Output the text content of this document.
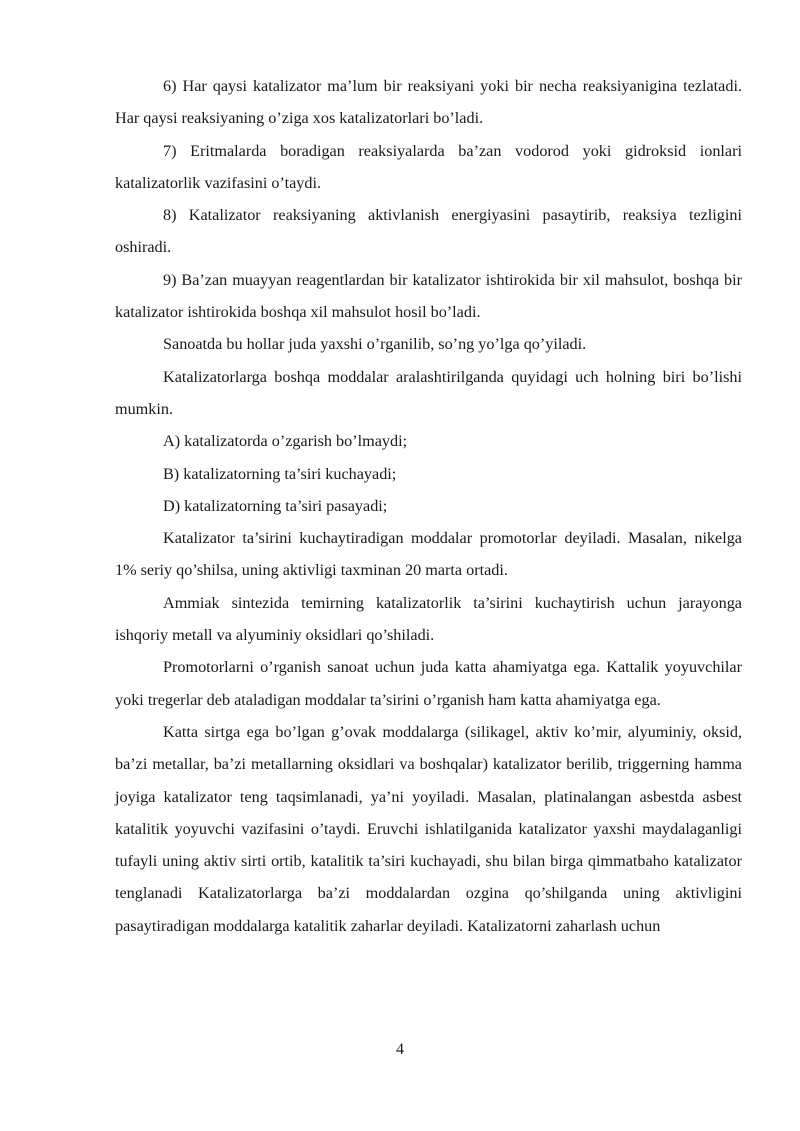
6) Har qaysi katalizator ma’lum bir reaksiyani yoki bir necha reaksiyanigina tezlatadi. Har qaysi reaksiyaning o’ziga xos katalizatorlari bo’ladi.

7) Eritmalarda boradigan reaksiyalarda ba’zan vodorod yoki gidroksid ionlari katalizatorlik vazifasini o’taydi.

8) Katalizator reaksiyaning aktivlanish energiyasini pasaytirib, reaksiya tezligini oshiradi.

9) Ba’zan muayyan reagentlardan bir katalizator ishtirokida bir xil mahsulot, boshqa bir katalizator ishtirokida boshqa xil mahsulot hosil bo’ladi.

Sanoatda bu hollar juda yaxshi o’rganilib, so’ng yo’lga qo’yiladi.

Katalizatorlarga boshqa moddalar aralashtirilganda quyidagi uch holning biri bo’lishi mumkin.

A) katalizatorda o’zgarish bo’lmaydi;

B) katalizatorning ta’siri kuchayadi;

D) katalizatorning ta’siri pasayadi;

Katalizator ta’sirini kuchaytiradigan moddalar promotorlar deyiladi. Masalan, nikelga 1% seriy qo’shilsa, uning aktivligi taxminan 20 marta ortadi.

Ammiak sintezida temirning katalizatorlik ta’sirini kuchaytirish uchun jarayonga ishqoriy metall va alyuminiy oksidlari qo’shiladi.

Promotorlarni o’rganish sanoat uchun juda katta ahamiyatga ega. Kattalik yoyuvchilar yoki tregerlar deb ataladigan moddalar ta’sirini o’rganish ham katta ahamiyatga ega.

Katta sirtga ega bo’lgan g’ovak moddalarga (silikagel, aktiv ko’mir, alyuminiy, oksid, ba’zi metallar, ba’zi metallarning oksidlari va boshqalar) katalizator berilib, triggerning hamma joyiga katalizator teng taqsimlanadi, ya’ni yoyiladi. Masalan, platinalangan asbestda asbest katalitik yoyuvchi vazifasini o’taydi. Eruvchi ishlatilganida katalizator yaxshi maydalaganligi tufayli uning aktiv sirti ortib, katalitik ta’siri kuchayadi, shu bilan birga qimmatbaho katalizator tenglanadi Katalizatorlarga ba’zi moddalardan ozgina qo’shilganda uning aktivligini pasaytiradigan moddalarga katalitik zaharlar deyiladi. Katalizatorni zaharlash uchun

4
